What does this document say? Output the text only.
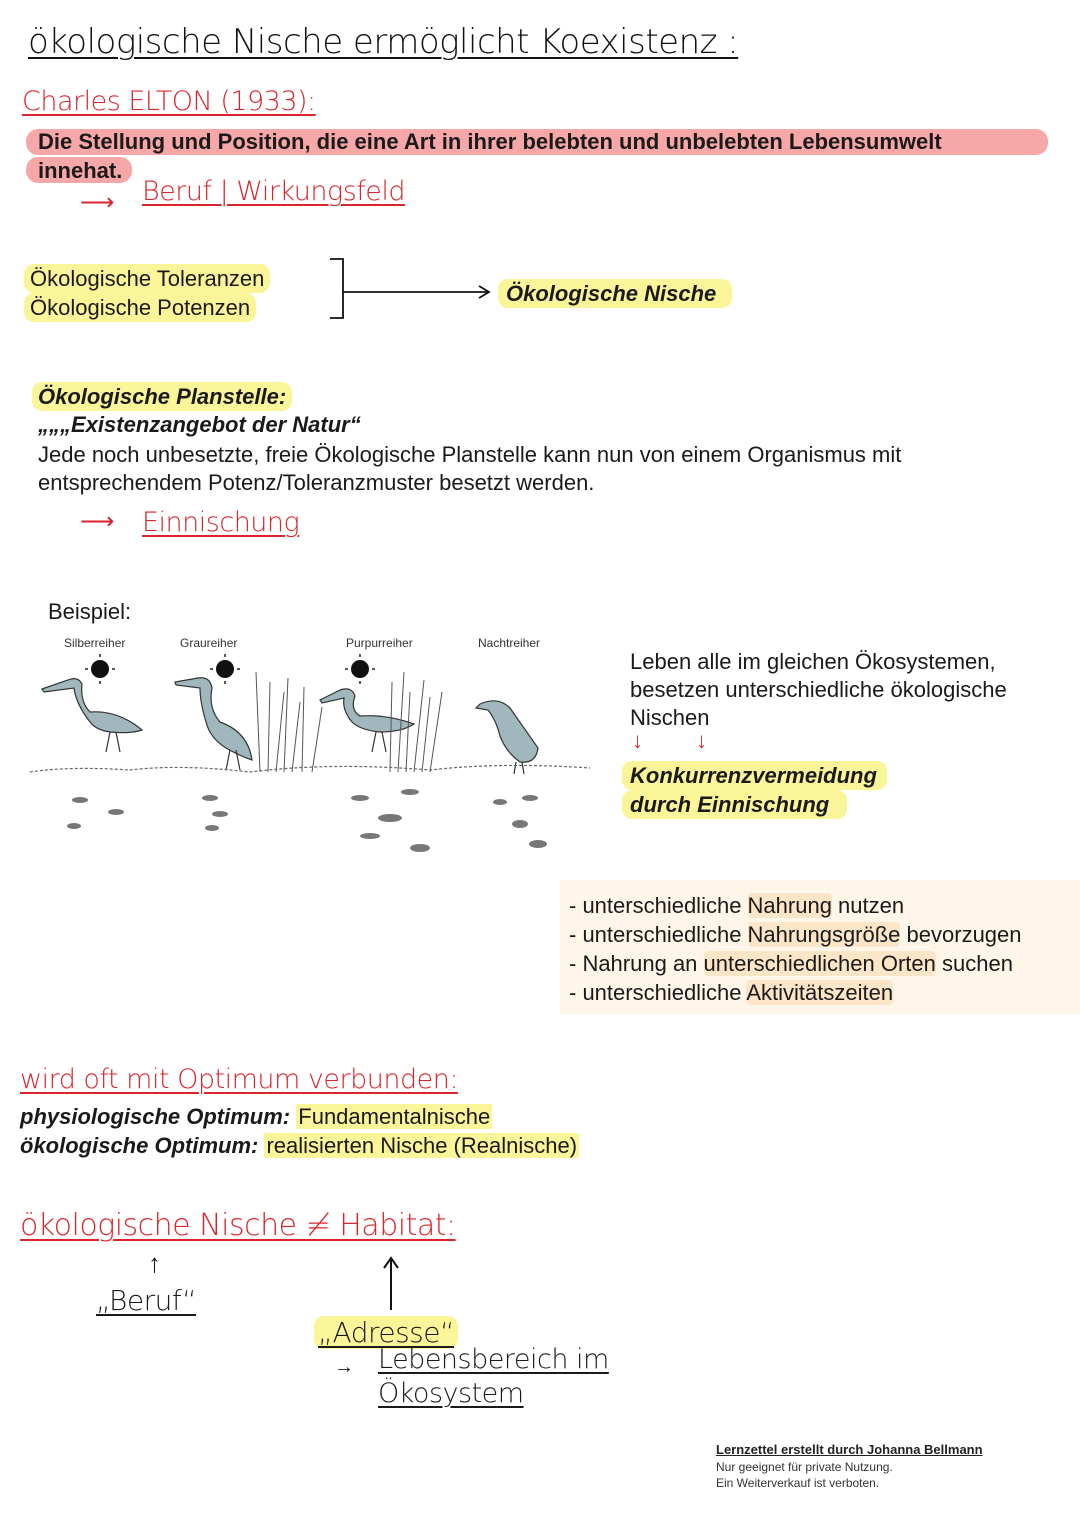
ökologische Nische ermöglicht Koexistenz :
Charles ELTON (1933):
Die Stellung und Position, die eine Art in ihrer belebten und unbelebten Lebensumwelt
innehat.
⟶ Beruf | Wirkungsfeld
Ökologische Toleranzen
Ökologische Potenzen
Ökologische Nische
Ökologische Planstelle:
„„„Existenzangebot der Natur“
Jede noch unbesetzte, freie Ökologische Planstelle kann nun von einem Organismus mit
entsprechendem Potenz/Toleranzmuster besetzt werden.
⟶ Einnischung
Beispiel:
Silberreiher	Graureiher	Purpurreiher	Nachtreiher
Leben alle im gleichen Ökosystemen,
besetzen unterschiedliche ökologische
Nischen
↓ ↓
Konkurrenzvermeidung
durch Einnischung
- unterschiedliche Nahrung nutzen
- unterschiedliche Nahrungsgröße bevorzugen
- Nahrung an unterschiedlichen Orten suchen
- unterschiedliche Aktivitätszeiten
wird oft mit Optimum verbunden:
physiologische Optimum: Fundamentalnische
ökologische Optimum: realisierten Nische (Realnische)
ökologische Nische ≠ Habitat:
↑
„Beruf“
„Adresse“
→ Lebensbereich im
Ökosystem
Lernzettel erstellt durch Johanna Bellmann
Nur geeignet für private Nutzung.
Ein Weiterverkauf ist verboten.
